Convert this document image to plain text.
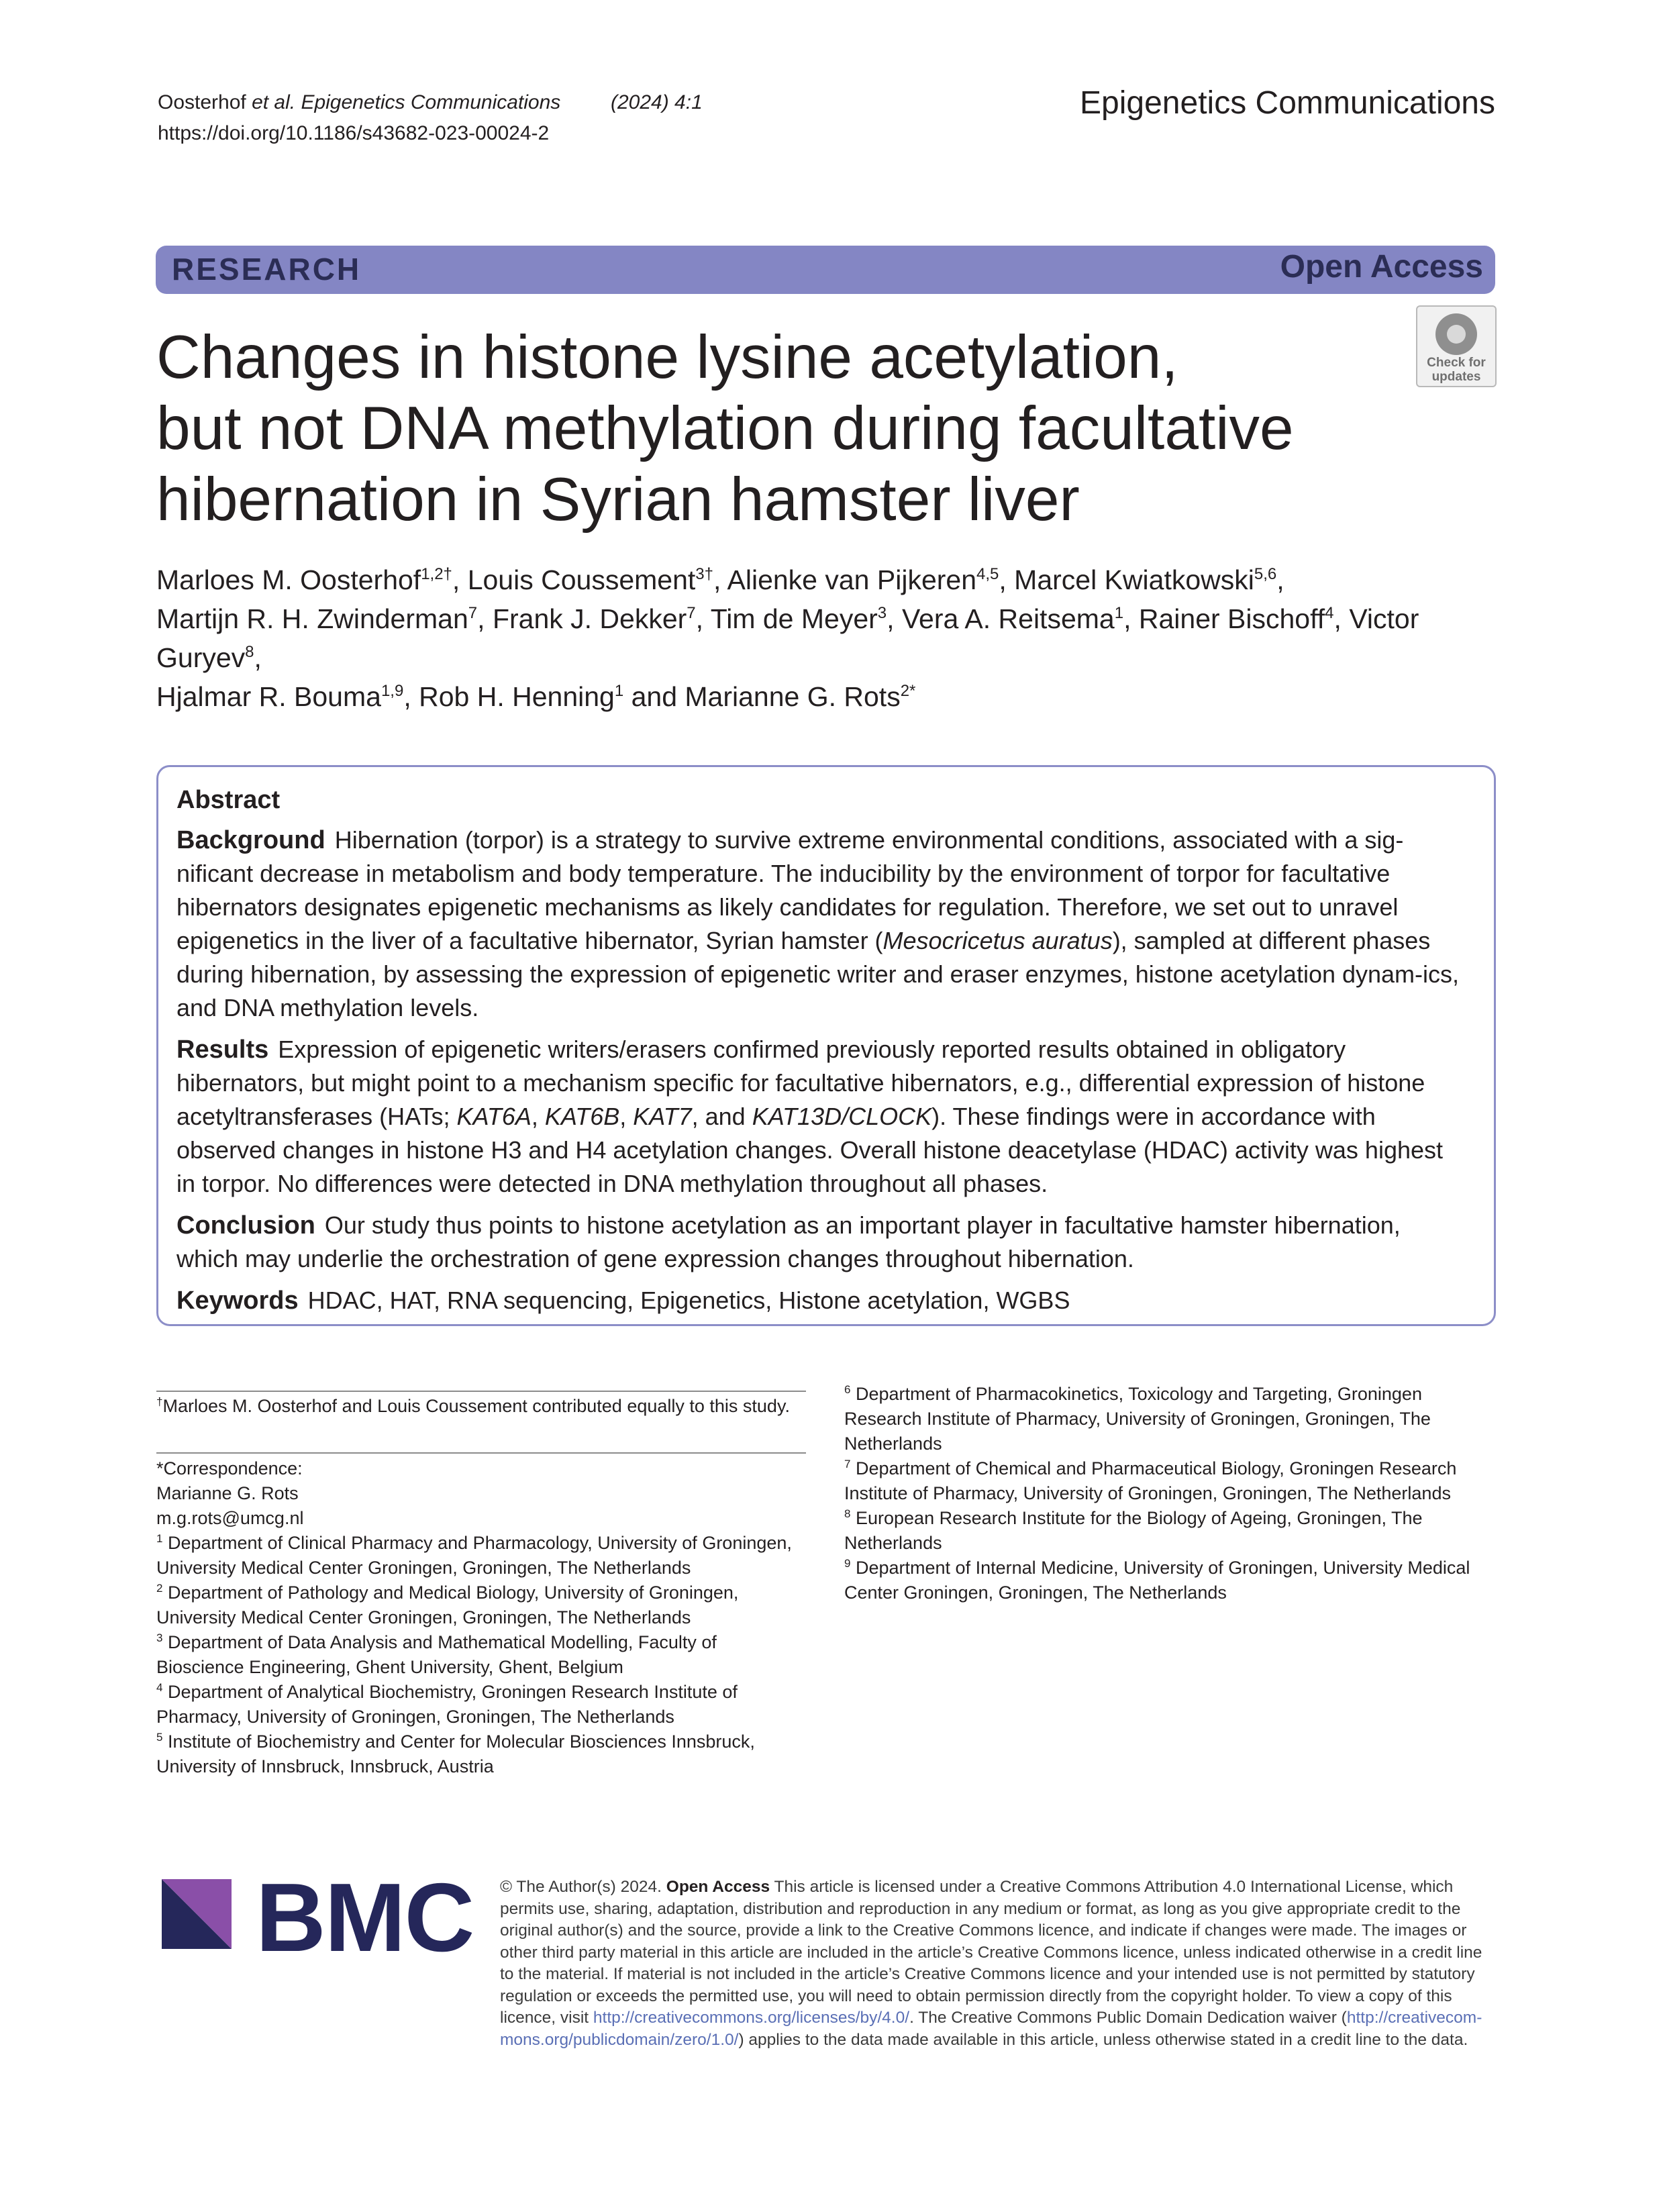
Oosterhof et al. Epigenetics Communications (2024) 4:1
https://doi.org/10.1186/s43682-023-00024-2
Epigenetics Communications
RESEARCH	Open Access
Check for
updates
Changes in histone lysine acetylation,
but not DNA methylation during facultative
hibernation in Syrian hamster liver
Marloes M. Oosterhof$^{1,2\dagger}$, Louis Coussement$^{3\dagger}$, Alienke van Pijkeren$^{4,5}$, Marcel Kwiatkowski$^{5,6}$,
Martijn R. H. Zwinderman$^7$, Frank J. Dekker$^7$, Tim de Meyer$^3$, Vera A. Reitsema$^1$, Rainer Bischoff$^4$, Victor Guryev$^8$,
Hjalmar R. Bouma$^{1,9}$, Rob H. Henning$^1$ and Marianne G. Rots$^{2*}$
Abstract

Background Hibernation (torpor) is a strategy to survive extreme environmental conditions, associated with a sig-nificant decrease in metabolism and body temperature. The inducibility by the environment of torpor for facultative hibernators designates epigenetic mechanisms as likely candidates for regulation. Therefore, we set out to unravel epigenetics in the liver of a facultative hibernator, Syrian hamster (Mesocricetus auratus), sampled at different phases during hibernation, by assessing the expression of epigenetic writer and eraser enzymes, histone acetylation dynam-ics, and DNA methylation levels.

Results Expression of epigenetic writers/erasers confirmed previously reported results obtained in obligatory hibernators, but might point to a mechanism specific for facultative hibernators, e.g., differential expression of histone acetyltransferases (HATs; KAT6A, KAT6B, KAT7, and KAT13D/CLOCK). These findings were in accordance with observed changes in histone H3 and H4 acetylation changes. Overall histone deacetylase (HDAC) activity was highest in torpor. No differences were detected in DNA methylation throughout all phases.

Conclusion Our study thus points to histone acetylation as an important player in facultative hamster hibernation, which may underlie the orchestration of gene expression changes throughout hibernation.

Keywords HDAC, HAT, RNA sequencing, Epigenetics, Histone acetylation, WGBS

†Marloes M. Oosterhof and Louis Coussement contributed equally to this study.
*Correspondence:
Marianne G. Rots
m.g.rots@umcg.nl
$^1$ Department of Clinical Pharmacy and Pharmacology, University of Groningen, University Medical Center Groningen, Groningen, The Netherlands
$^2$ Department of Pathology and Medical Biology, University of Groningen, University Medical Center Groningen, Groningen, The Netherlands
$^3$ Department of Data Analysis and Mathematical Modelling, Faculty of Bioscience Engineering, Ghent University, Ghent, Belgium
$^4$ Department of Analytical Biochemistry, Groningen Research Institute of Pharmacy, University of Groningen, Groningen, The Netherlands
$^5$ Institute of Biochemistry and Center for Molecular Biosciences Innsbruck, University of Innsbruck, Innsbruck, Austria
$^6$ Department of Pharmacokinetics, Toxicology and Targeting, Groningen Research Institute of Pharmacy, University of Groningen, Groningen, The Netherlands
$^7$ Department of Chemical and Pharmaceutical Biology, Groningen Research Institute of Pharmacy, University of Groningen, Groningen, The Netherlands
$^8$ European Research Institute for the Biology of Ageing, Groningen, The Netherlands
$^9$ Department of Internal Medicine, University of Groningen, University Medical Center Groningen, Groningen, The Netherlands
BMC © The Author(s) 2024. Open Access This article is licensed under a Creative Commons Attribution 4.0 International License, which permits use, sharing, adaptation, distribution and reproduction in any medium or format, as long as you give appropriate credit to the original author(s) and the source, provide a link to the Creative Commons licence, and indicate if changes were made. The images or other third party material in this article are included in the article’s Creative Commons licence, unless indicated otherwise in a credit line to the material. If material is not included in the article’s Creative Commons licence and your intended use is not permitted by statutory regulation or exceeds the permitted use, you will need to obtain permission directly from the copyright holder. To view a copy of this licence, visit http://creativecommons.org/licenses/by/4.0/. The Creative Commons Public Domain Dedication waiver (http://creativecom-mons.org/publicdomain/zero/1.0/) applies to the data made available in this article, unless otherwise stated in a credit line to the data.
